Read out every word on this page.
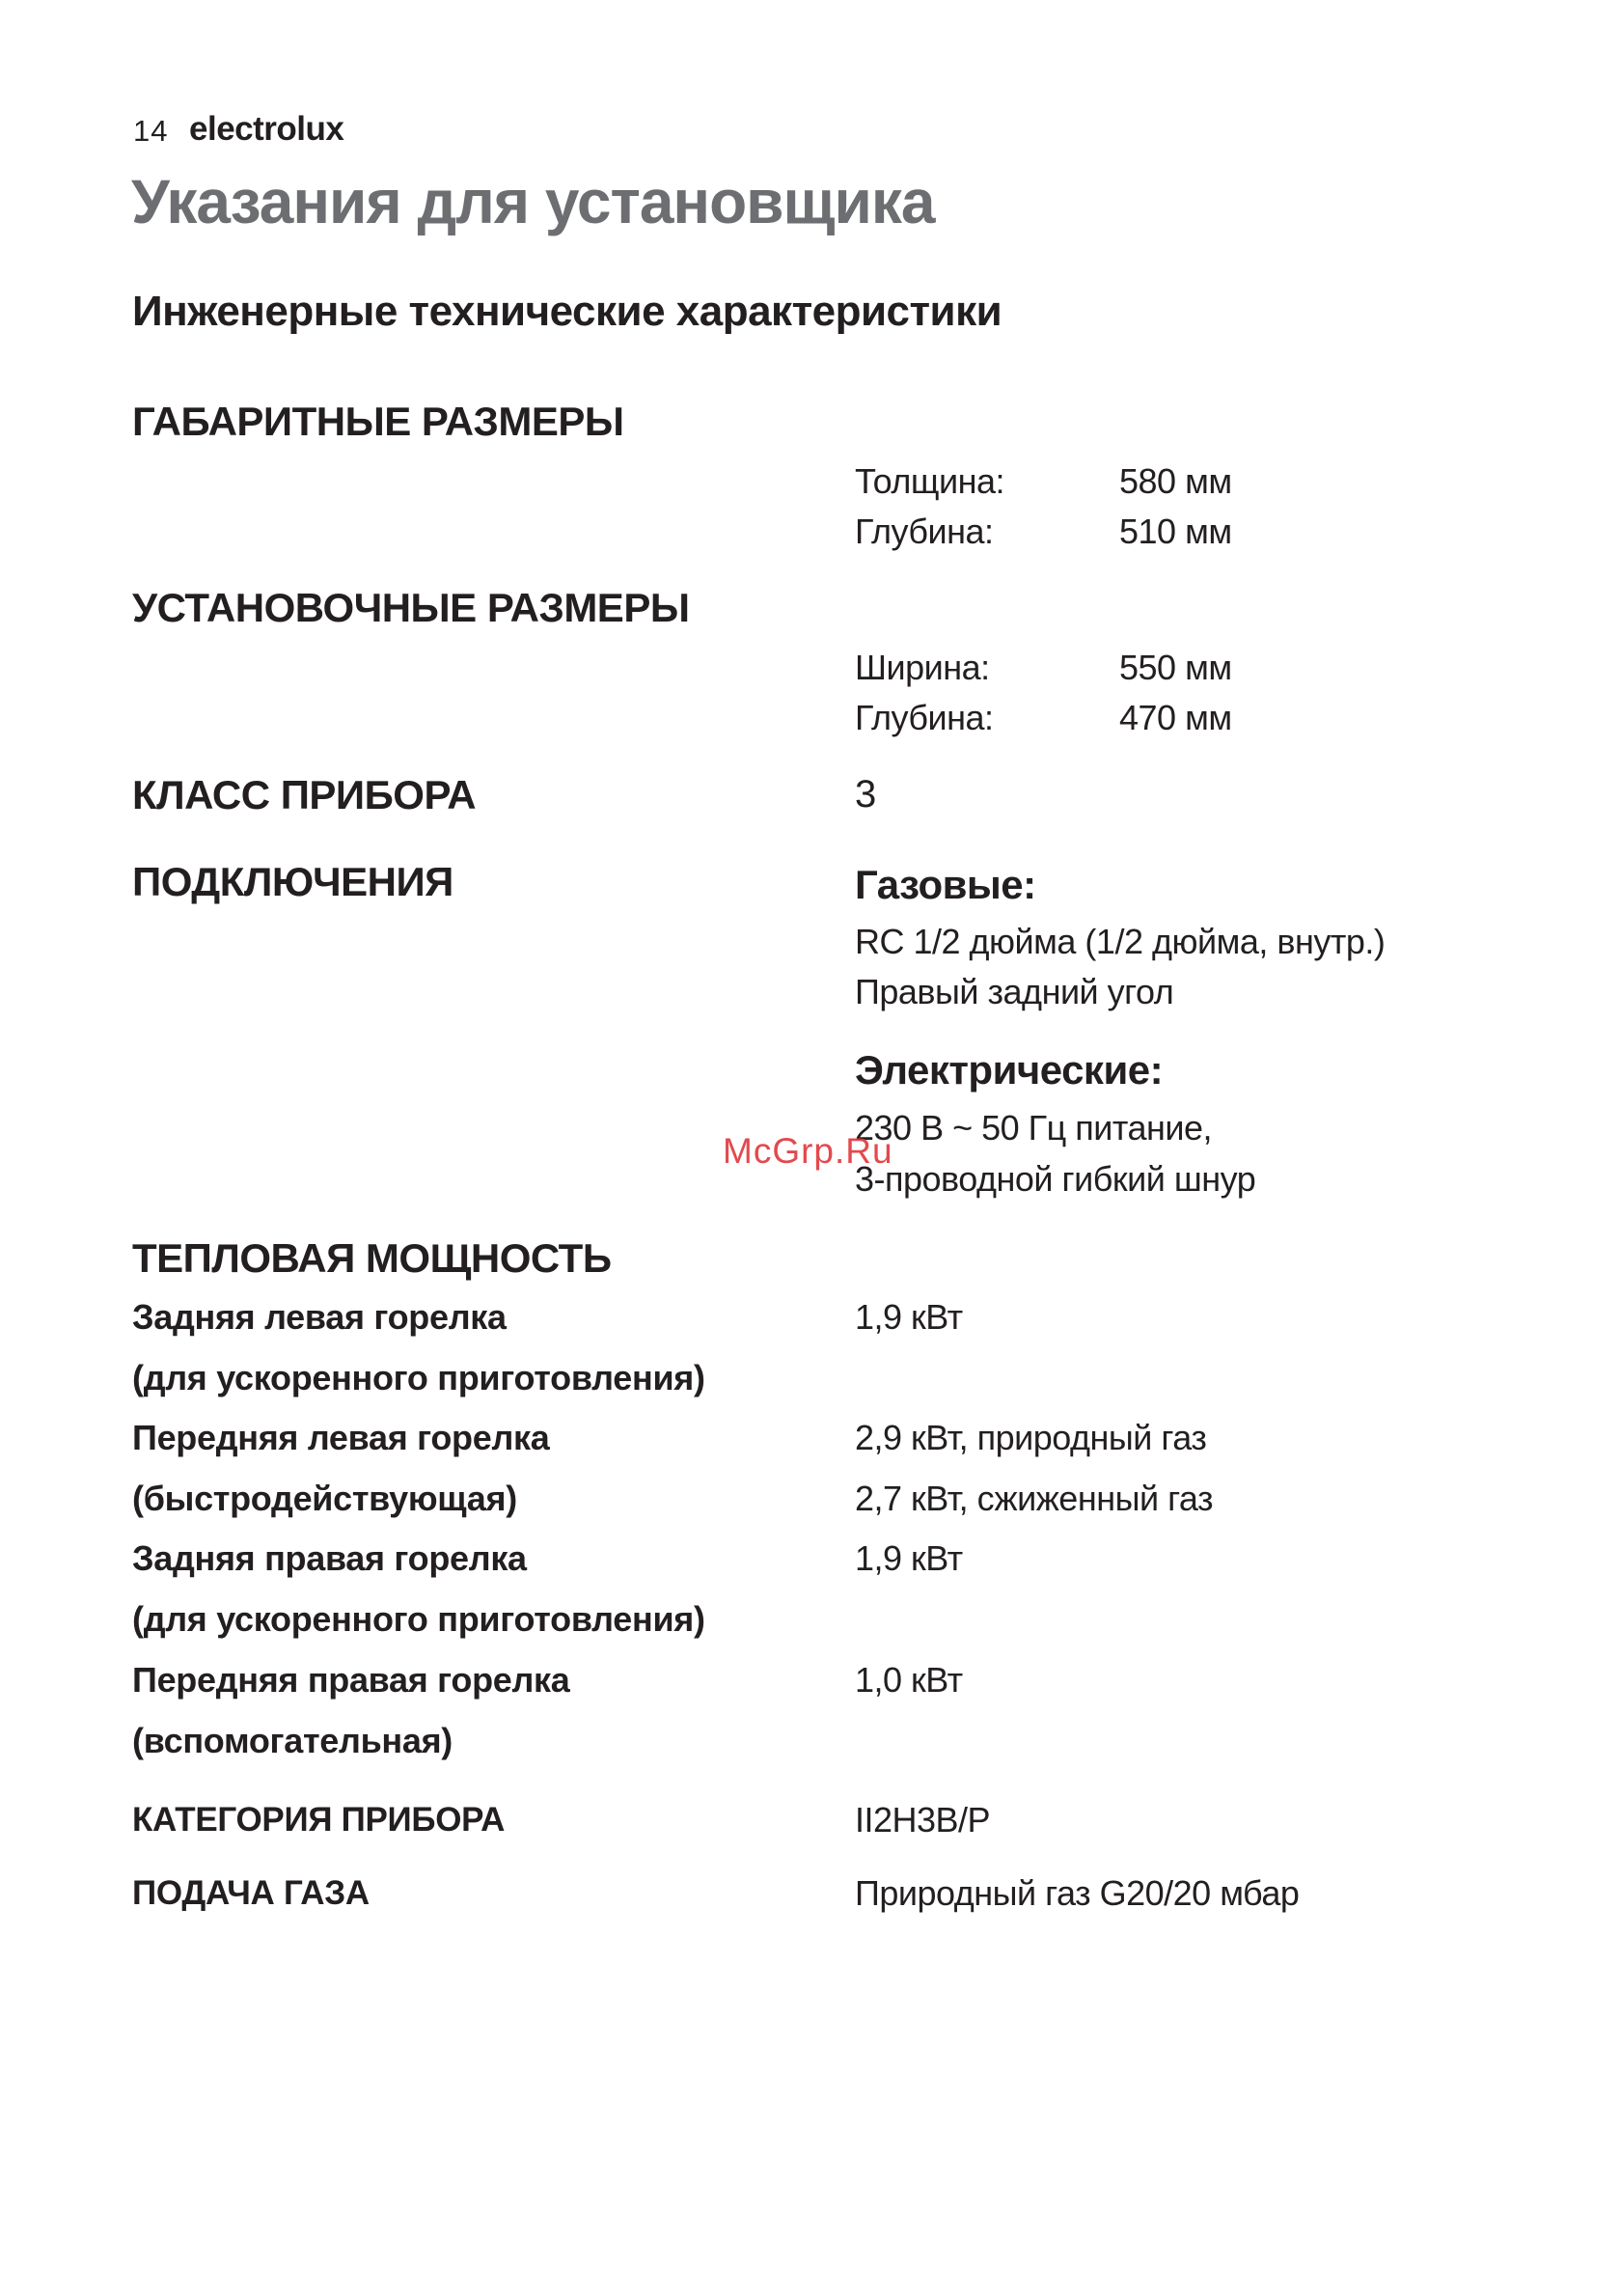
14 electrolux
Указания для установщика
Инженерные технические характеристики
ГАБАРИТНЫЕ РАЗМЕРЫ
Толщина:	580 мм
Глубина:	510 мм
УСТАНОВОЧНЫЕ РАЗМЕРЫ
Ширина:	550 мм
Глубина:	470 мм
КЛАСС ПРИБОРА	3
ПОДКЛЮЧЕНИЯ	Газовые:
RC 1/2 дюйма (1/2 дюйма, внутр.)
Правый задний угол
Электрические:
230 В ~ 50 Гц питание,
3-проводной гибкий шнур
McGrp.Ru
ТЕПЛОВАЯ МОЩНОСТЬ
Задняя левая горелка	1,9 кВт
(для ускоренного приготовления)
Передняя левая горелка	2,9 кВт, природный газ
(быстродействующая)	2,7 кВт, сжиженный газ
Задняя правая горелка	1,9 кВт
(для ускоренного приготовления)
Передняя правая горелка	1,0 кВт
(вспомогательная)
КАТЕГОРИЯ ПРИБОРА	II2H3B/P
ПОДАЧА ГАЗА	Природный газ G20/20 мбар
